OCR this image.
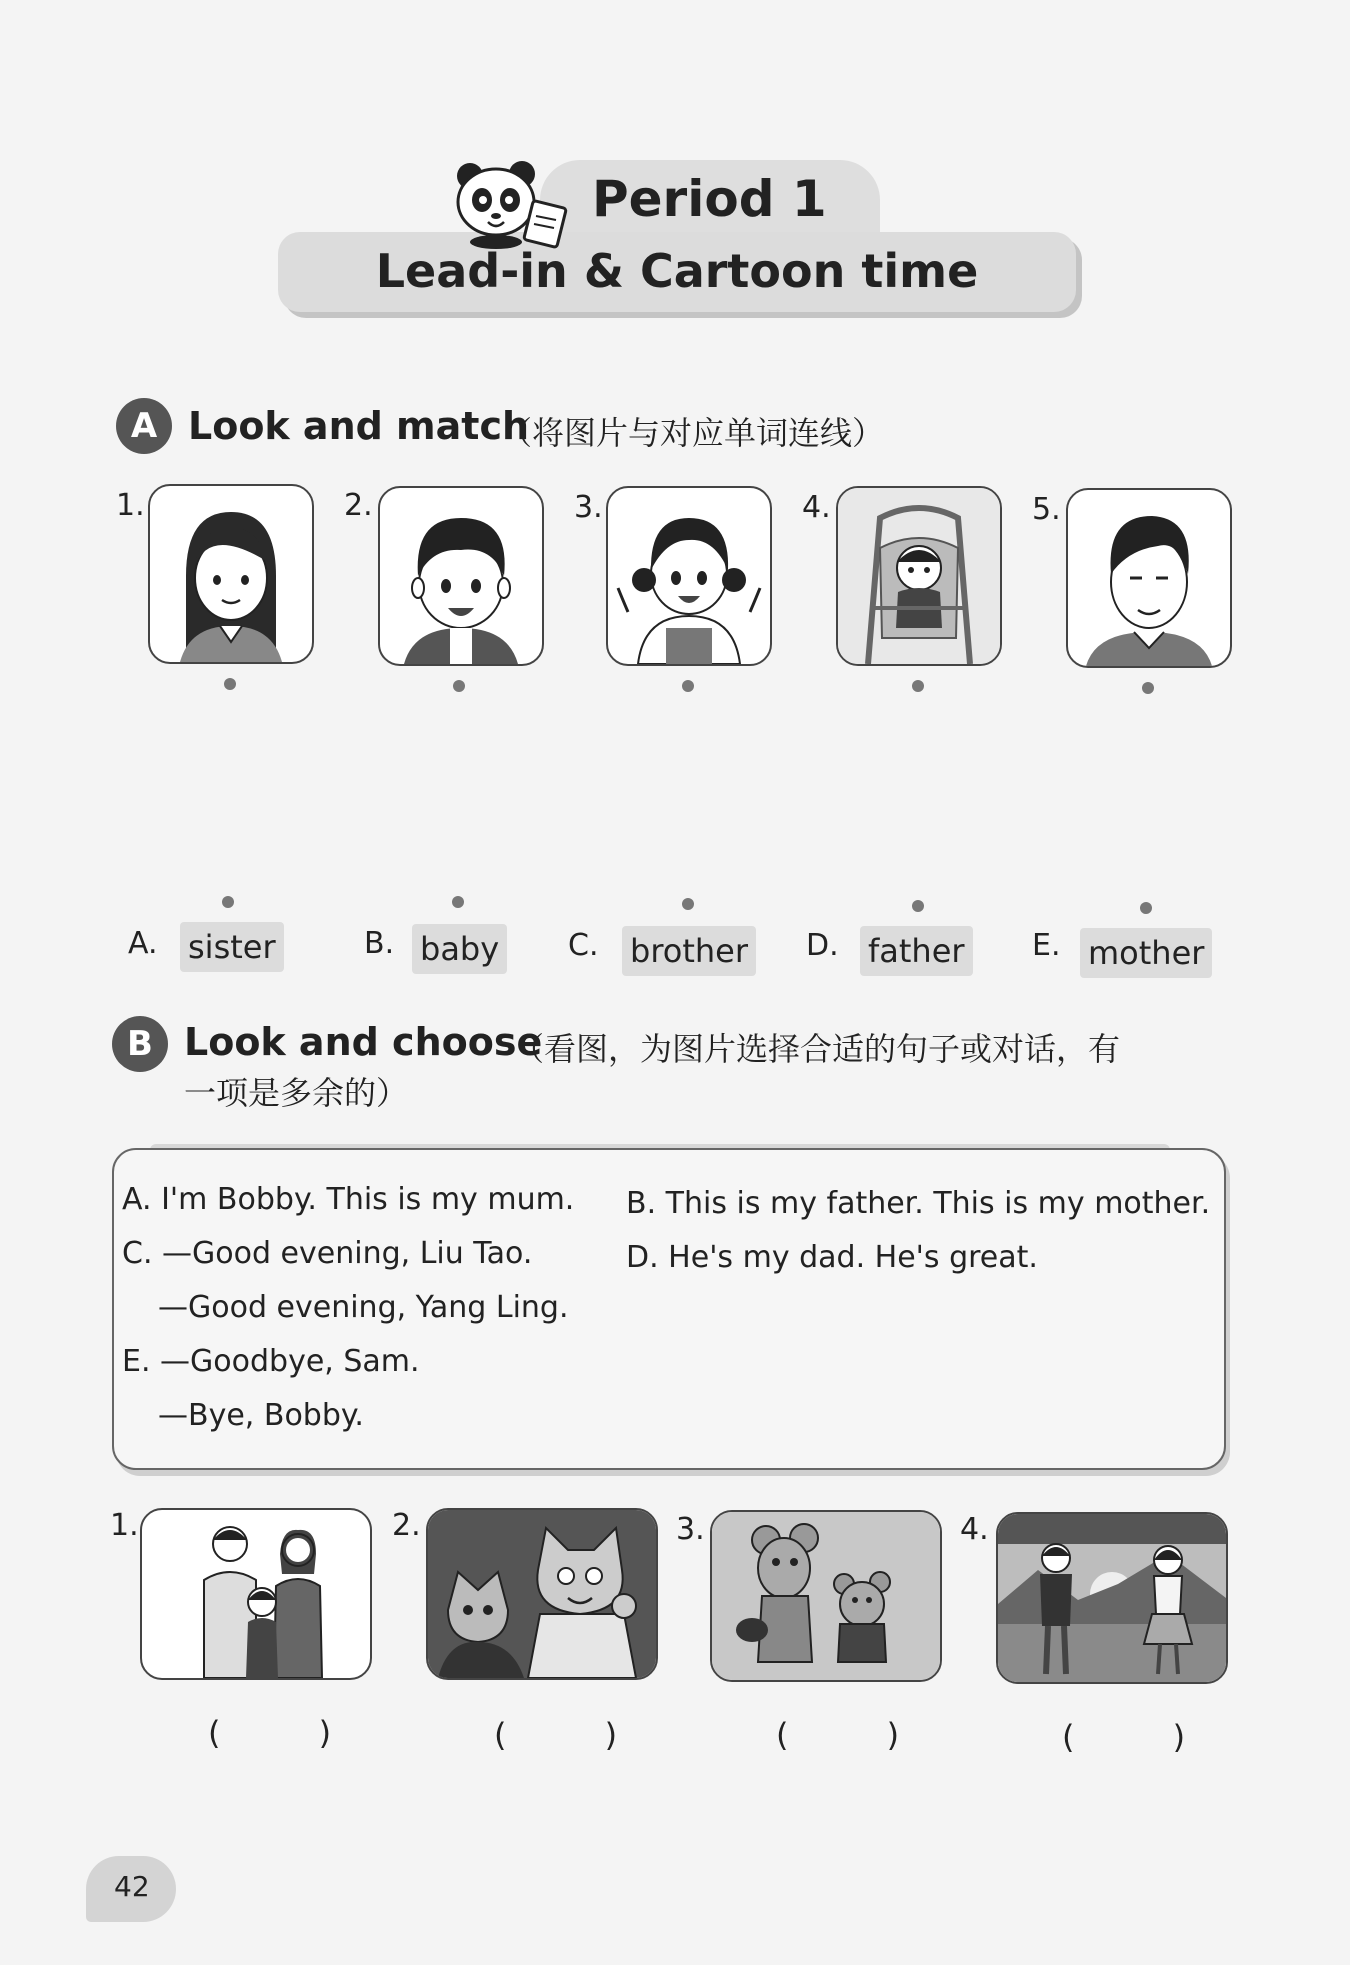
Period 1
Lead-in & Cartoon time
A Look and match
（将图片与对应单词连线）
1.	2.	3.	4.	5.
A. sister	B. baby C. brother D. father E. mother
B Look and choose
（看图，为图片选择合适的句子或对话，有
一项是多余的）
A. I'm Bobby. This is my mum. B. This is my father. This is my mother.
C. —Good evening, Liu Tao.	D. He's my dad. He's great.
—Good evening, Yang Ling.
E. —Goodbye, Sam.
—Bye, Bobby.
1.
( )
2.
( )
3.
( )
4.
( )
42
